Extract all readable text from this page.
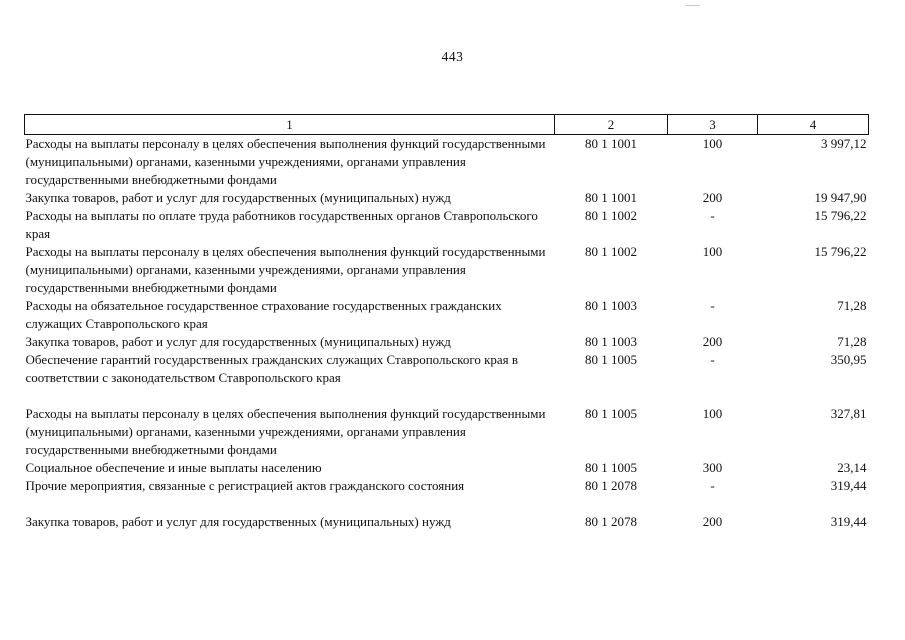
443
1	2	3	4
Расходы на выплаты персоналу в целях обеспечения выполнения функций государственными (муниципальными) органами, казенными учреждениями, органами управления государственными внебюджетными фондами	80 1 1001	100	3 997,12
Закупка товаров, работ и услуг для государственных (муниципальных) нужд	80 1 1001	200	19 947,90
Расходы на выплаты по оплате труда работников государственных органов Ставропольского края	80 1 1002	-	15 796,22
Расходы на выплаты персоналу в целях обеспечения выполнения функций государственными (муниципальными) органами, казенными учреждениями, органами управления государственными внебюджетными фондами	80 1 1002	100	15 796,22
Расходы на обязательное государственное страхование государственных гражданских служащих Ставропольского края	80 1 1003	-	71,28
Закупка товаров, работ и услуг для государственных (муниципальных) нужд	80 1 1003	200	71,28
Обеспечение гарантий государственных гражданских служащих Ставропольского края в соответствии с законодательством Ставропольского края	80 1 1005	-	350,95
Расходы на выплаты персоналу в целях обеспечения выполнения функций государственными (муниципальными) органами, казенными учреждениями, органами управления государственными внебюджетными фондами	80 1 1005	100	327,81
Социальное обеспечение и иные выплаты населению	80 1 1005	300	23,14
Прочие мероприятия, связанные с регистрацией актов гражданского состояния	80 1 2078	-	319,44
Закупка товаров, работ и услуг для государственных (муниципальных) нужд	80 1 2078	200	319,44
